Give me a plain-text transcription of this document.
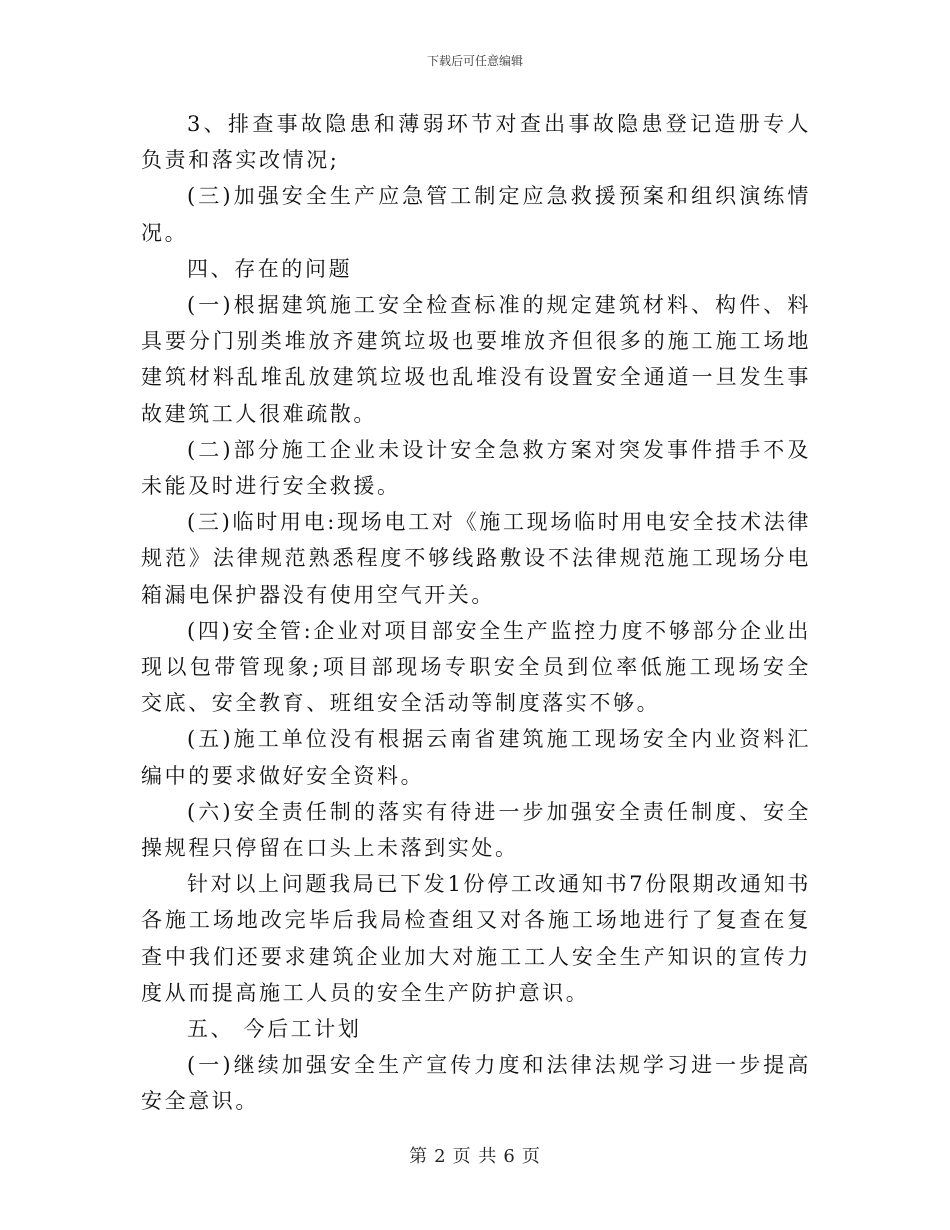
下载后可任意编辑

3、排查事故隐患和薄弱环节对查出事故隐患登记造册专人负责和落实改情况;

(三)加强安全生产应急管工制定应急救援预案和组织演练情况。

四、存在的问题

(一)根据建筑施工安全检查标准的规定建筑材料、构件、料具要分门别类堆放齐建筑垃圾也要堆放齐但很多的施工施工场地建筑材料乱堆乱放建筑垃圾也乱堆没有设置安全通道一旦发生事故建筑工人很难疏散。

(二)部分施工企业未设计安全急救方案对突发事件措手不及未能及时进行安全救援。

(三)临时用电:现场电工对《施工现场临时用电安全技术法律规范》法律规范熟悉程度不够线路敷设不法律规范施工现场分电箱漏电保护器没有使用空气开关。

(四)安全管:企业对项目部安全生产监控力度不够部分企业出现以包带管现象;项目部现场专职安全员到位率低施工现场安全交底、安全教育、班组安全活动等制度落实不够。

(五)施工单位没有根据云南省建筑施工现场安全内业资料汇编中的要求做好安全资料。

(六)安全责任制的落实有待进一步加强安全责任制度、安全操规程只停留在口头上未落到实处。

针对以上问题我局已下发1份停工改通知书7份限期改通知书各施工场地改完毕后我局检查组又对各施工场地进行了复查在复查中我们还要求建筑企业加大对施工工人安全生产知识的宣传力度从而提高施工人员的安全生产防护意识。

五、 今后工计划

(一)继续加强安全生产宣传力度和法律法规学习进一步提高安全意识。

第 2 页 共 6 页
